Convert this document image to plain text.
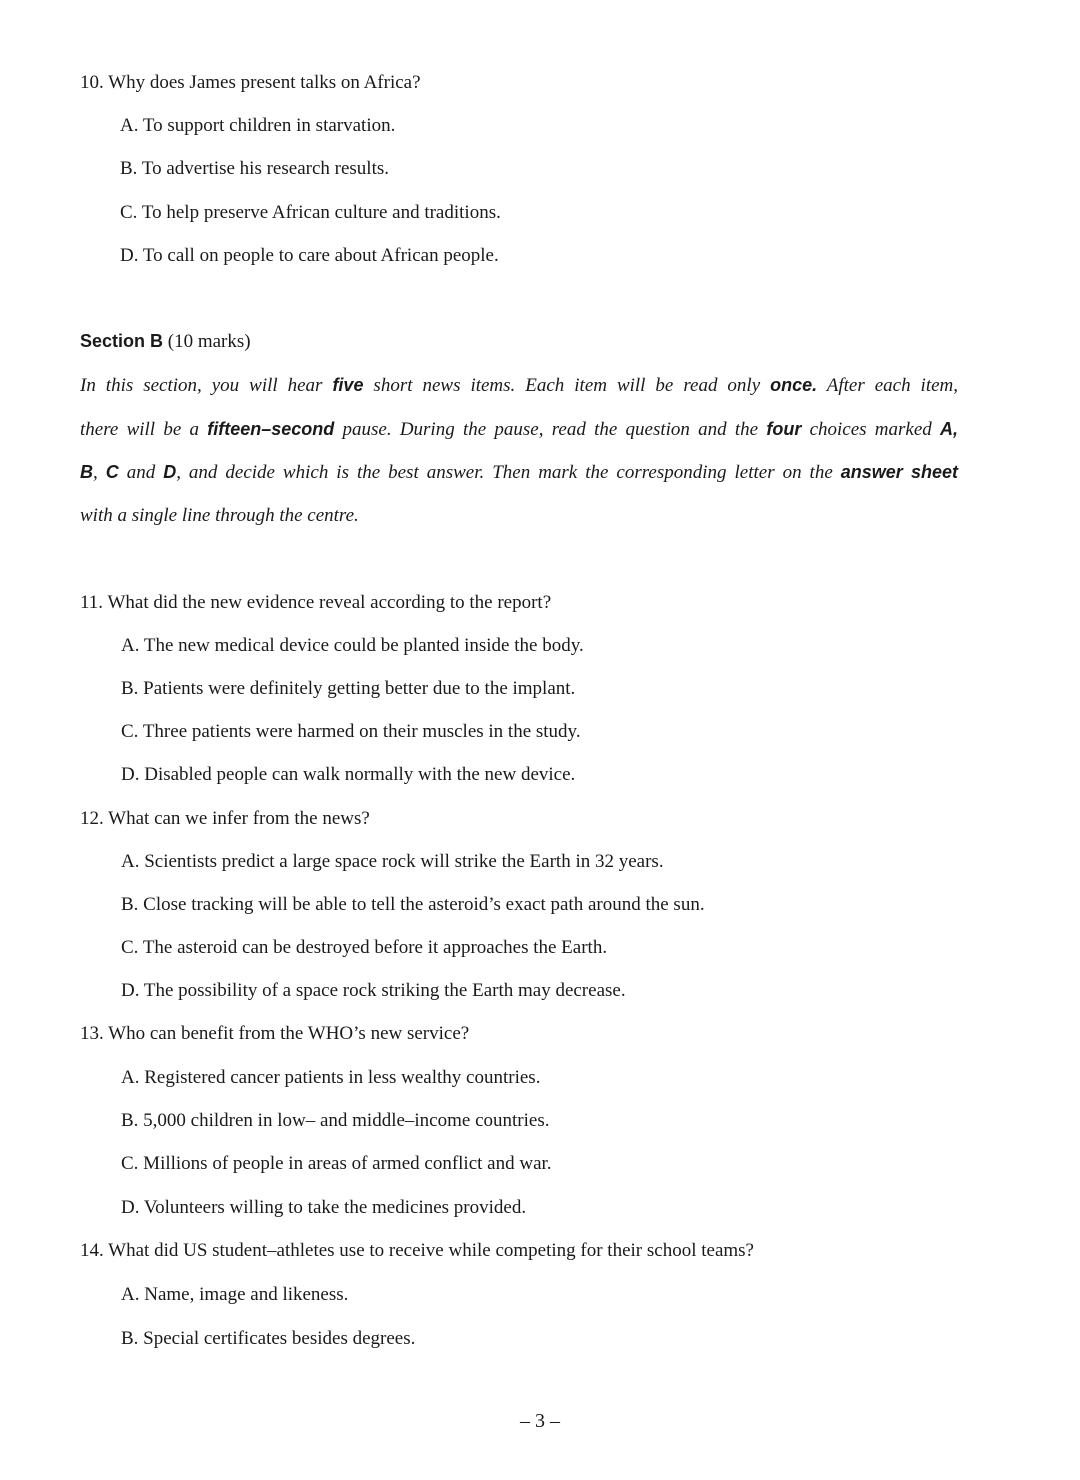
10. Why does James present talks on Africa?
A. To support children in starvation.
B. To advertise his research results.
C. To help preserve African culture and traditions.
D. To call on people to care about African people.
Section B (10 marks)
In this section, you will hear five short news items. Each item will be read only once. After each item,
there will be a fifteen–second pause. During the pause, read the question and the four choices marked A,
B, C and D, and decide which is the best answer. Then mark the corresponding letter on the answer sheet
with a single line through the centre.
11. What did the new evidence reveal according to the report?
A. The new medical device could be planted inside the body.
B. Patients were definitely getting better due to the implant.
C. Three patients were harmed on their muscles in the study.
D. Disabled people can walk normally with the new device.
12. What can we infer from the news?
A. Scientists predict a large space rock will strike the Earth in 32 years.
B. Close tracking will be able to tell the asteroid’s exact path around the sun.
C. The asteroid can be destroyed before it approaches the Earth.
D. The possibility of a space rock striking the Earth may decrease.
13. Who can benefit from the WHO’s new service?
A. Registered cancer patients in less wealthy countries.
B. 5,000 children in low– and middle–income countries.
C. Millions of people in areas of armed conflict and war.
D. Volunteers willing to take the medicines provided.
14. What did US student–athletes use to receive while competing for their school teams?
A. Name, image and likeness.
B. Special certificates besides degrees.
– 3 –
